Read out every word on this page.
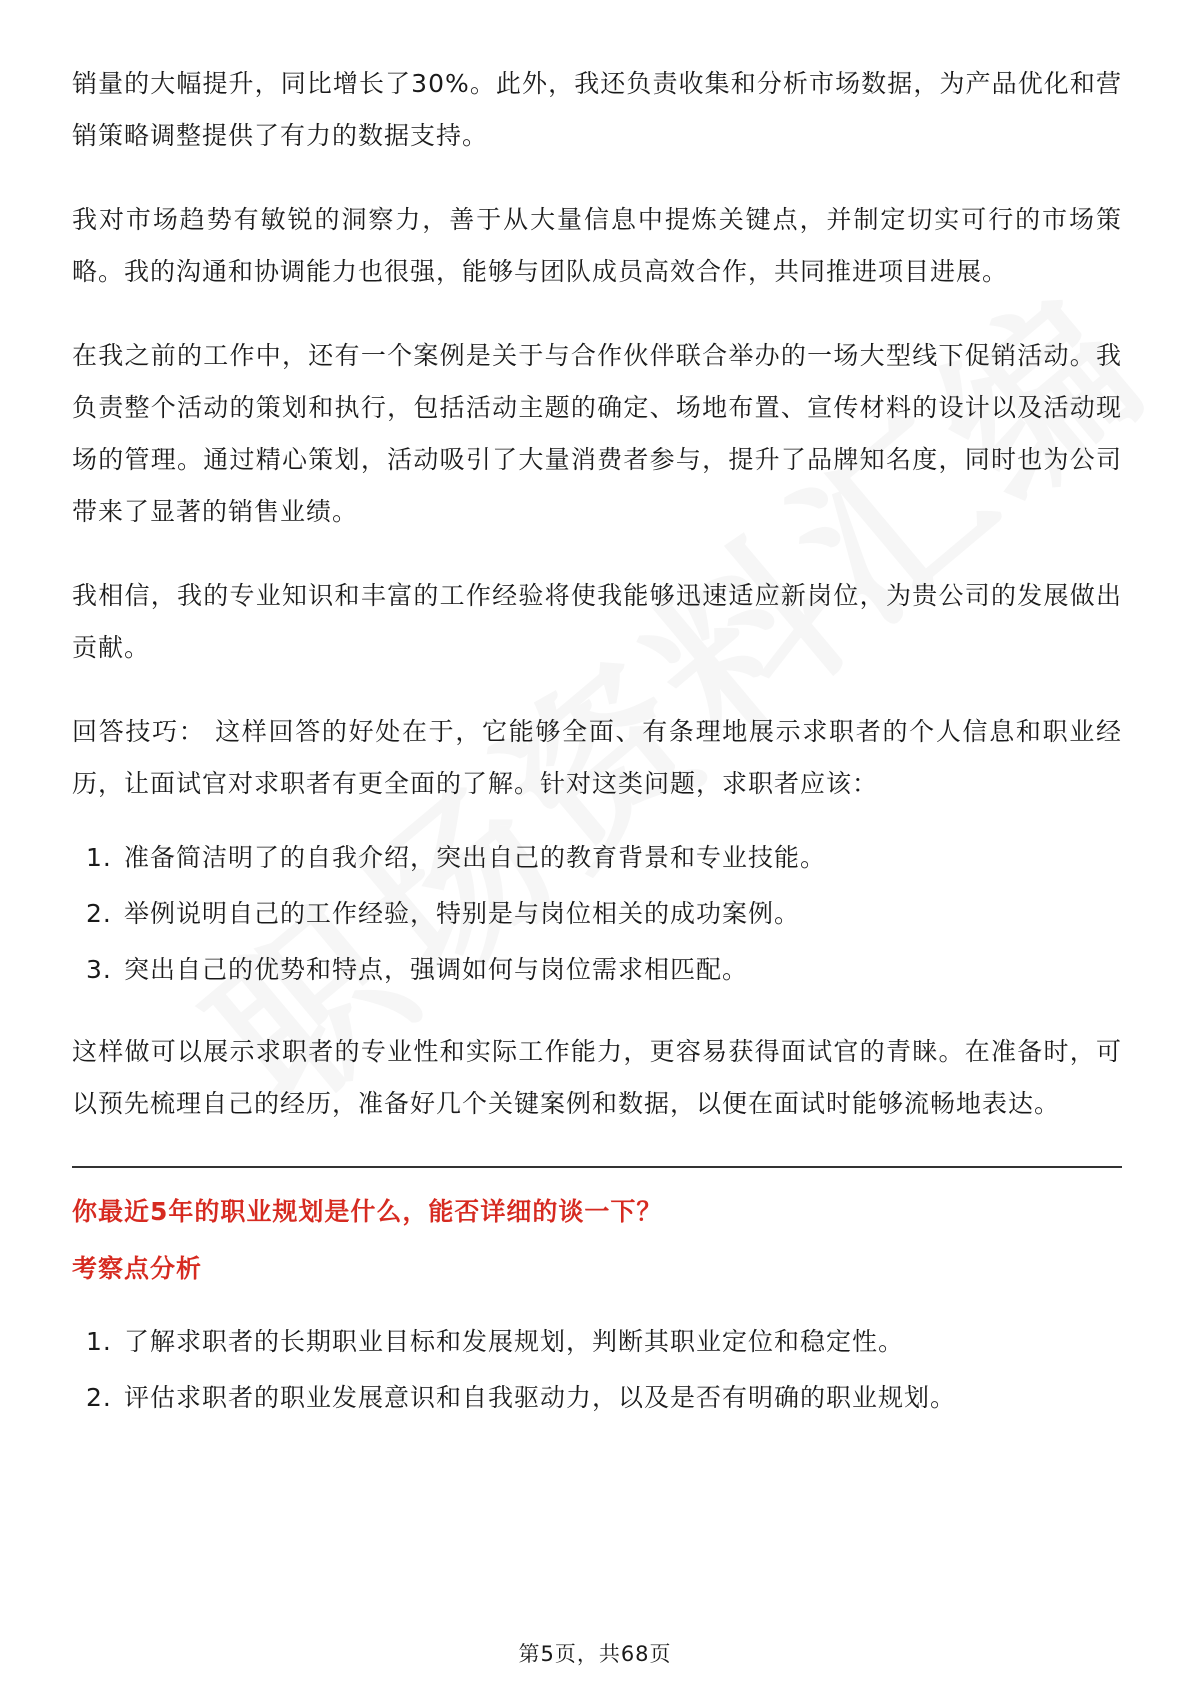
销量的大幅提升，同比增长了30%。此外，我还负责收集和分析市场数据，为产品优化和营销策略调整提供了有力的数据支持。

我对市场趋势有敏锐的洞察力，善于从大量信息中提炼关键点，并制定切实可行的市场策略。我的沟通和协调能力也很强，能够与团队成员高效合作，共同推进项目进展。

在我之前的工作中，还有一个案例是关于与合作伙伴联合举办的一场大型线下促销活动。我负责整个活动的策划和执行，包括活动主题的确定、场地布置、宣传材料的设计以及活动现场的管理。通过精心策划，活动吸引了大量消费者参与，提升了品牌知名度，同时也为公司带来了显著的销售业绩。

我相信，我的专业知识和丰富的工作经验将使我能够迅速适应新岗位，为贵公司的发展做出贡献。

回答技巧： 这样回答的好处在于，它能够全面、有条理地展示求职者的个人信息和职业经历，让面试官对求职者有更全面的了解。针对这类问题，求职者应该：

1. 准备简洁明了的自我介绍，突出自己的教育背景和专业技能。
2. 举例说明自己的工作经验，特别是与岗位相关的成功案例。
3. 突出自己的优势和特点，强调如何与岗位需求相匹配。

这样做可以展示求职者的专业性和实际工作能力，更容易获得面试官的青睐。在准备时，可以预先梳理自己的经历，准备好几个关键案例和数据，以便在面试时能够流畅地表达。

你最近5年的职业规划是什么，能否详细的谈一下？

考察点分析

1. 了解求职者的长期职业目标和发展规划，判断其职业定位和稳定性。
2. 评估求职者的职业发展意识和自我驱动力，以及是否有明确的职业规划。
第5页，共68页
